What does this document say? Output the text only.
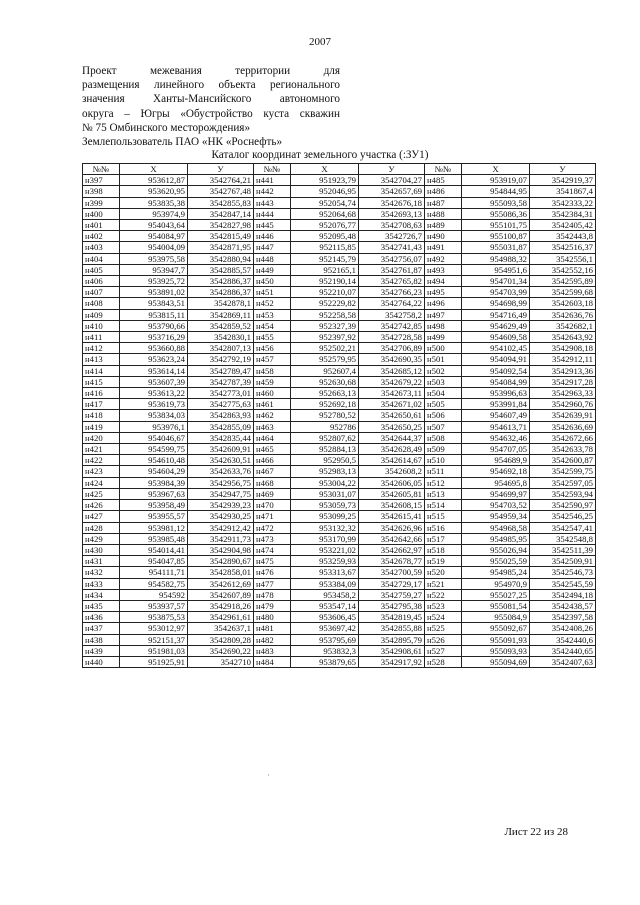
2007
Проект межевания территории для
размещения линейного объекта регионального
значения Ханты-Мансийского автономного
округа – Югры «Обустройство куста скважин
№ 75 Омбинского месторождения»
Землепользователь ПАО «НК «Роснефть»
Каталог координат земельного участка (:ЗУ1)
№№	X	У	№№	X	У	№№	X	У
н397	953612,87	3542764,21	н441	951923,79	3542704,27	н485	953919,07	3542919,37
н398	953620,95	3542767,48	н442	952046,95	3542657,69	н486	954844,95	3541867,4
н399	953835,38	3542855,83	н443	952054,74	3542676,18	н487	955093,58	3542333,22
н400	953974,9	3542847,14	н444	952064,68	3542693,13	н488	955086,36	3542384,31
н401	954043,64	3542827,98	н445	952076,77	3542708,63	н489	955101,75	3542405,42
н402	954084,97	3542815,49	н446	952095,48	3542726,7	н490	955100,87	3542443,8
н403	954004,09	3542871,95	н447	952115,85	3542741,43	н491	955031,87	3542516,37
н404	953975,58	3542880,94	н448	952145,79	3542756,07	н492	954988,32	3542556,1
н405	953947,7	3542885,57	н449	952165,1	3542761,87	н493	954951,6	3542552,16
н406	953925,72	3542886,37	н450	952190,14	3542765,82	н494	954701,34	3542595,89
н407	953891,02	3542886,37	н451	952210,07	3542766,23	н495	954703,99	3542599,68
н408	953843,51	3542878,1	н452	952229,82	3542764,22	н496	954698,99	3542603,18
н409	953815,11	3542869,11	н453	952258,58	3542758,2	н497	954716,49	3542636,76
н410	953790,66	3542859,52	н454	952327,39	3542742,85	н498	954629,49	3542682,1
н411	953716,29	3542830,1	н455	952397,92	3542728,58	н499	954609,58	3542643,92
н412	953660,88	3542807,13	н456	952502,21	3542706,89	н500	954102,45	3542908,18
н413	953623,24	3542792,19	н457	952579,95	3542690,35	н501	954094,91	3542912,11
н414	953614,14	3542789,47	н458	952607,4	3542685,12	н502	954092,54	3542913,36
н415	953607,39	3542787,39	н459	952630,68	3542679,22	н503	954084,99	3542917,28
н416	953613,22	3542773,01	н460	952663,13	3542673,11	н504	953996,63	3542963,33
н417	953619,73	3542775,63	н461	952692,18	3542671,02	н505	953991,84	3542960,76
н418	953834,03	3542863,93	н462	952780,52	3542650,61	н506	954607,49	3542639,91
н419	953976,1	3542855,09	н463	952786	3542650,25	н507	954613,71	3542636,69
н420	954046,67	3542835,44	н464	952807,62	3542644,37	н508	954632,46	3542672,66
н421	954599,75	3542609,91	н465	952884,13	3542628,49	н509	954707,05	3542633,78
н422	954610,48	3542630,51	н466	952950,5	3542614,67	н510	954689,9	3542600,87
н423	954604,29	3542633,76	н467	952983,13	3542608,2	н511	954692,18	3542599,75
н424	953984,39	3542956,75	н468	953004,22	3542606,05	н512	954695,8	3542597,05
н425	953967,63	3542947,75	н469	953031,07	3542605,81	н513	954699,97	3542593,94
н426	953958,49	3542939,23	н470	953059,73	3542608,15	н514	954703,52	3542590,97
н427	953955,57	3542930,25	н471	953099,25	3542615,41	н515	954959,34	3542546,25
н428	953981,12	3542912,42	н472	953132,32	3542626,96	н516	954968,58	3542547,41
н429	953985,48	3542911,73	н473	953170,99	3542642,66	н517	954985,95	3542548,8
н430	954014,41	3542904,98	н474	953221,02	3542662,97	н518	955026,94	3542511,39
н431	954047,85	3542890,67	н475	953259,93	3542678,77	н519	955025,59	3542509,91
н432	954111,71	3542858,01	н476	953313,67	3542700,59	н520	954985,24	3542546,73
н433	954582,75	3542612,69	н477	953384,09	3542729,17	н521	954970,9	3542545,59
н434	954592	3542607,89	н478	953458,2	3542759,27	н522	955027,25	3542494,18
н435	953937,57	3542918,26	н479	953547,14	3542795,38	н523	955081,54	3542438,57
н436	953875,53	3542961,61	н480	953606,45	3542819,45	н524	955084,9	3542397,58
н437	953012,97	3542637,1	н481	953697,42	3542855,88	н525	955092,67	3542408,26
н438	952151,37	3542809,28	н482	953795,69	3542895,79	н526	955091,93	3542440,6
н439	951981,03	3542690,22	н483	953832,3	3542908,61	н527	955093,93	3542440,65
н440	951925,91	3542710	н484	953879,65	3542917,92	н528	955094,69	3542407,63
·
Лист 22 из 28
